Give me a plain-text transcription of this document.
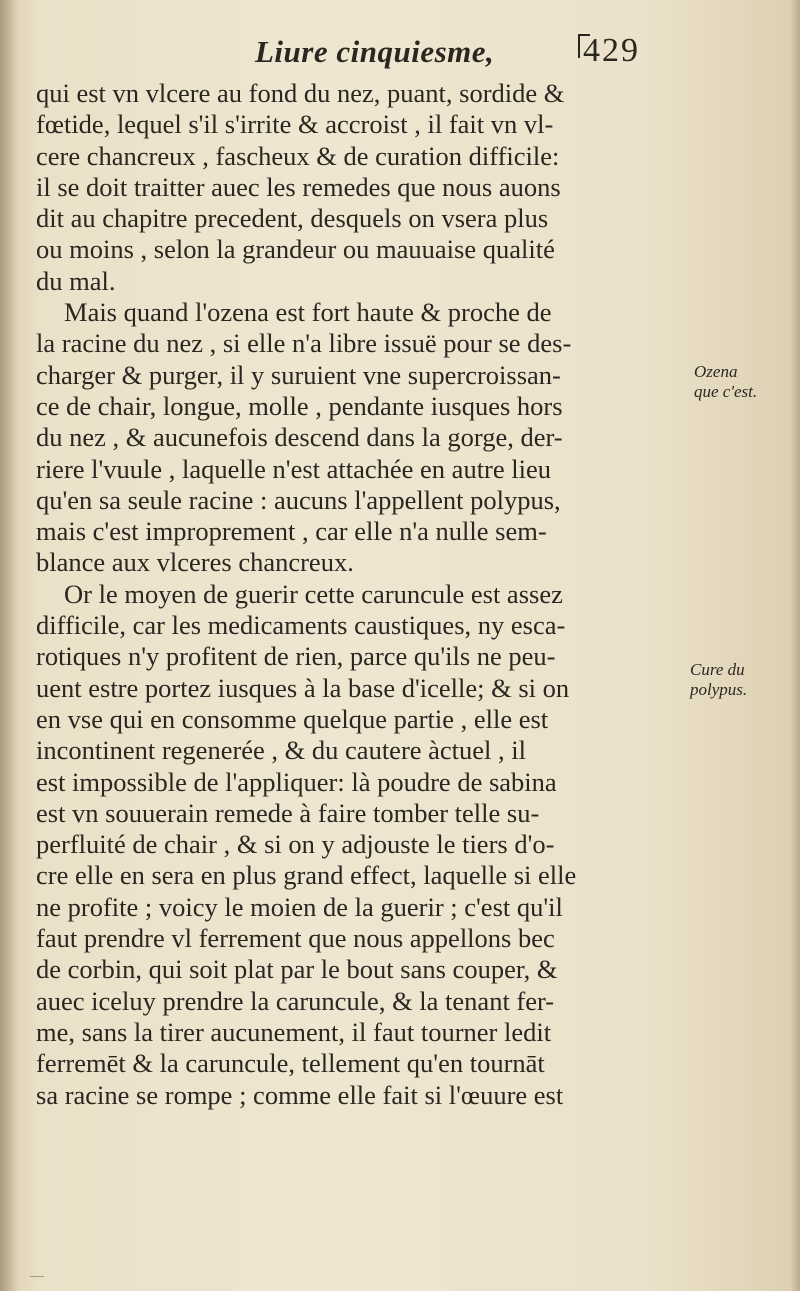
Liure cinquiesme,	429
qui est vn vlcere au fond du nez, puant, sordide &
fœtide, lequel s'il s'irrite & accroist , il fait vn vl-
cere chancreux , fascheux & de curation difficile:
il se doit traitter auec les remedes que nous auons
dit au chapitre precedent, desquels on vsera plus
ou moins , selon la grandeur ou mauuaise qualité
du mal.
Mais quand l'ozena est fort haute & proche de
la racine du nez , si elle n'a libre issuë pour se des-
charger & purger, il y suruient vne supercroissan-
ce de chair, longue, molle , pendante iusques hors
du nez , & aucunefois descend dans la gorge, der-
riere l'vuule , laquelle n'est attachée en autre lieu
qu'en sa seule racine : aucuns l'appellent polypus,
mais c'est improprement , car elle n'a nulle sem-
blance aux vlceres chancreux.
Or le moyen de guerir cette caruncule est assez
difficile, car les medicaments caustiques, ny esca-
rotiques n'y profitent de rien, parce qu'ils ne peu-
uent estre portez iusques à la base d'icelle; & si on
en vse qui en consomme quelque partie , elle est
incontinent regenerée , & du cautere àctuel , il
est impossible de l'appliquer: là poudre de sabina
est vn souuerain remede à faire tomber telle su-
perfluité de chair , & si on y adjouste le tiers d'o-
cre elle en sera en plus grand effect, laquelle si elle
ne profite ; voicy le moien de la guerir ; c'est qu'il
faut prendre vl ferrement que nous appellons bec
de corbin, qui soit plat par le bout sans couper, &
auec iceluy prendre la caruncule, & la tenant fer-
me, sans la tirer aucunement, il faut tourner ledit
ferremēt & la caruncule, tellement qu'en tournāt
sa racine se rompe ; comme elle fait si l'œuure est
Ozena
que c'est.
Cure du
polypus.
